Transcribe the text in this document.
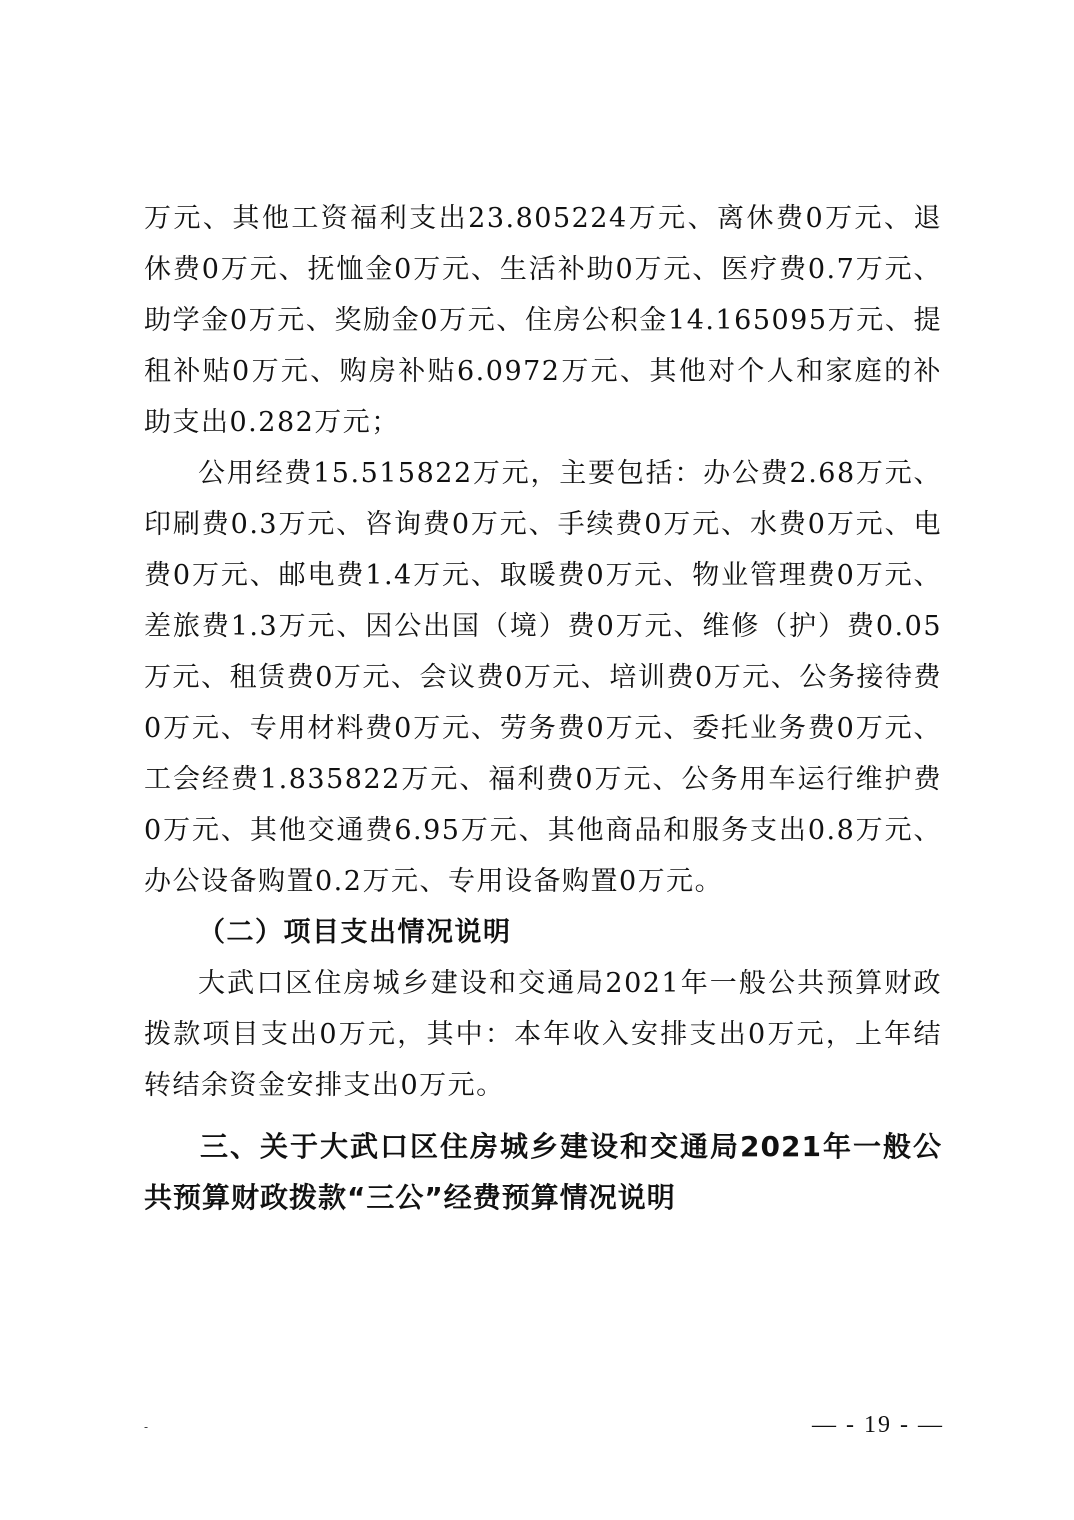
万元、其他工资福利支出23.805224万元、离休费0万元、退休费0万元、抚恤金0万元、生活补助0万元、医疗费0.7万元、助学金0万元、奖励金0万元、住房公积金14.165095万元、提租补贴0万元、购房补贴6.0972万元、其他对个人和家庭的补助支出0.282万元；

公用经费15.515822万元，主要包括：办公费2.68万元、印刷费0.3万元、咨询费0万元、手续费0万元、水费0万元、电费0万元、邮电费1.4万元、取暖费0万元、物业管理费0万元、差旅费1.3万元、因公出国（境）费0万元、维修（护）费0.05万元、租赁费0万元、会议费0万元、培训费0万元、公务接待费0万元、专用材料费0万元、劳务费0万元、委托业务费0万元、工会经费1.835822万元、福利费0万元、公务用车运行维护费0万元、其他交通费6.95万元、其他商品和服务支出0.8万元、办公设备购置0.2万元、专用设备购置0万元。

（二）项目支出情况说明

大武口区住房城乡建设和交通局2021年一般公共预算财政拨款项目支出0万元，其中：本年收入安排支出0万元，上年结转结余资金安排支出0万元。

三、关于大武口区住房城乡建设和交通局2021年一般公共预算财政拨款“三公”经费预算情况说明

-	— - 19 - —
